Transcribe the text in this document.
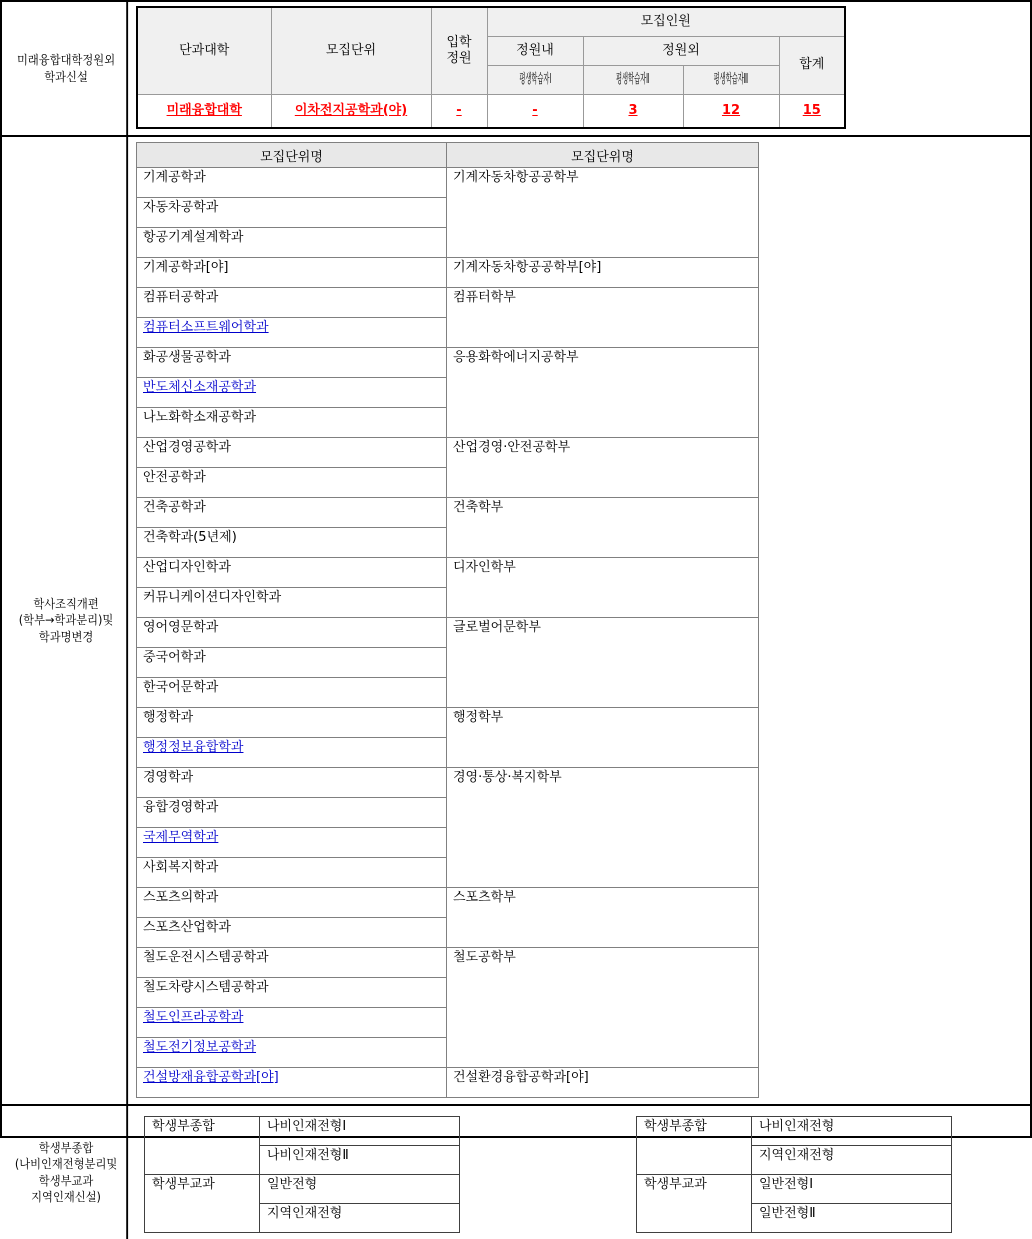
미래융합대학정원외
학과신설
단과대학	모집단위	입학
정원	모집인원			
			정원내	정원외		합계
			평생학습자Ⅰ	평생학습자Ⅱ	평생학습자Ⅲ	
미래융합대학	이차전지공학과(야)	-	-	3	12	15
학사조직개편
(학부→학과분리)및
학과명변경
모집단위명	모집단위명
기계공학과	기계자동차항공공학부
자동차공학과	
항공기계설계학과	
기계공학과[야]	기계자동차항공공학부[야]
컴퓨터공학과	컴퓨터학부
컴퓨터소프트웨어학과	
화공생물공학과	응용화학에너지공학부
반도체신소재공학과	
나노화학소재공학과	
산업경영공학과	산업경영·안전공학부
안전공학과	
건축공학과	건축학부
건축학과(5년제)	
산업디자인학과	디자인학부
커뮤니케이션디자인학과	
영어영문학과	글로벌어문학부
중국어학과	
한국어문학과	
행정학과	행정학부
행정정보융합학과	
경영학과	경영·통상·복지학부
융합경영학과	
국제무역학과	
사회복지학과	
스포츠의학과	스포츠학부
스포츠산업학과	
철도운전시스템공학과	철도공학부
철도차량시스템공학과	
철도인프라공학과	
철도전기정보공학과	
건설방재융합공학과[야]	건설환경융합공학과[야]
학생부종합
(나비인재전형분리및
학생부교과
지역인재신설)
학생부종합	나비인재전형Ⅰ
	나비인재전형Ⅱ
학생부교과	일반전형
	지역인재전형
학생부종합	나비인재전형
	지역인재전형
학생부교과	일반전형Ⅰ
	일반전형Ⅱ
